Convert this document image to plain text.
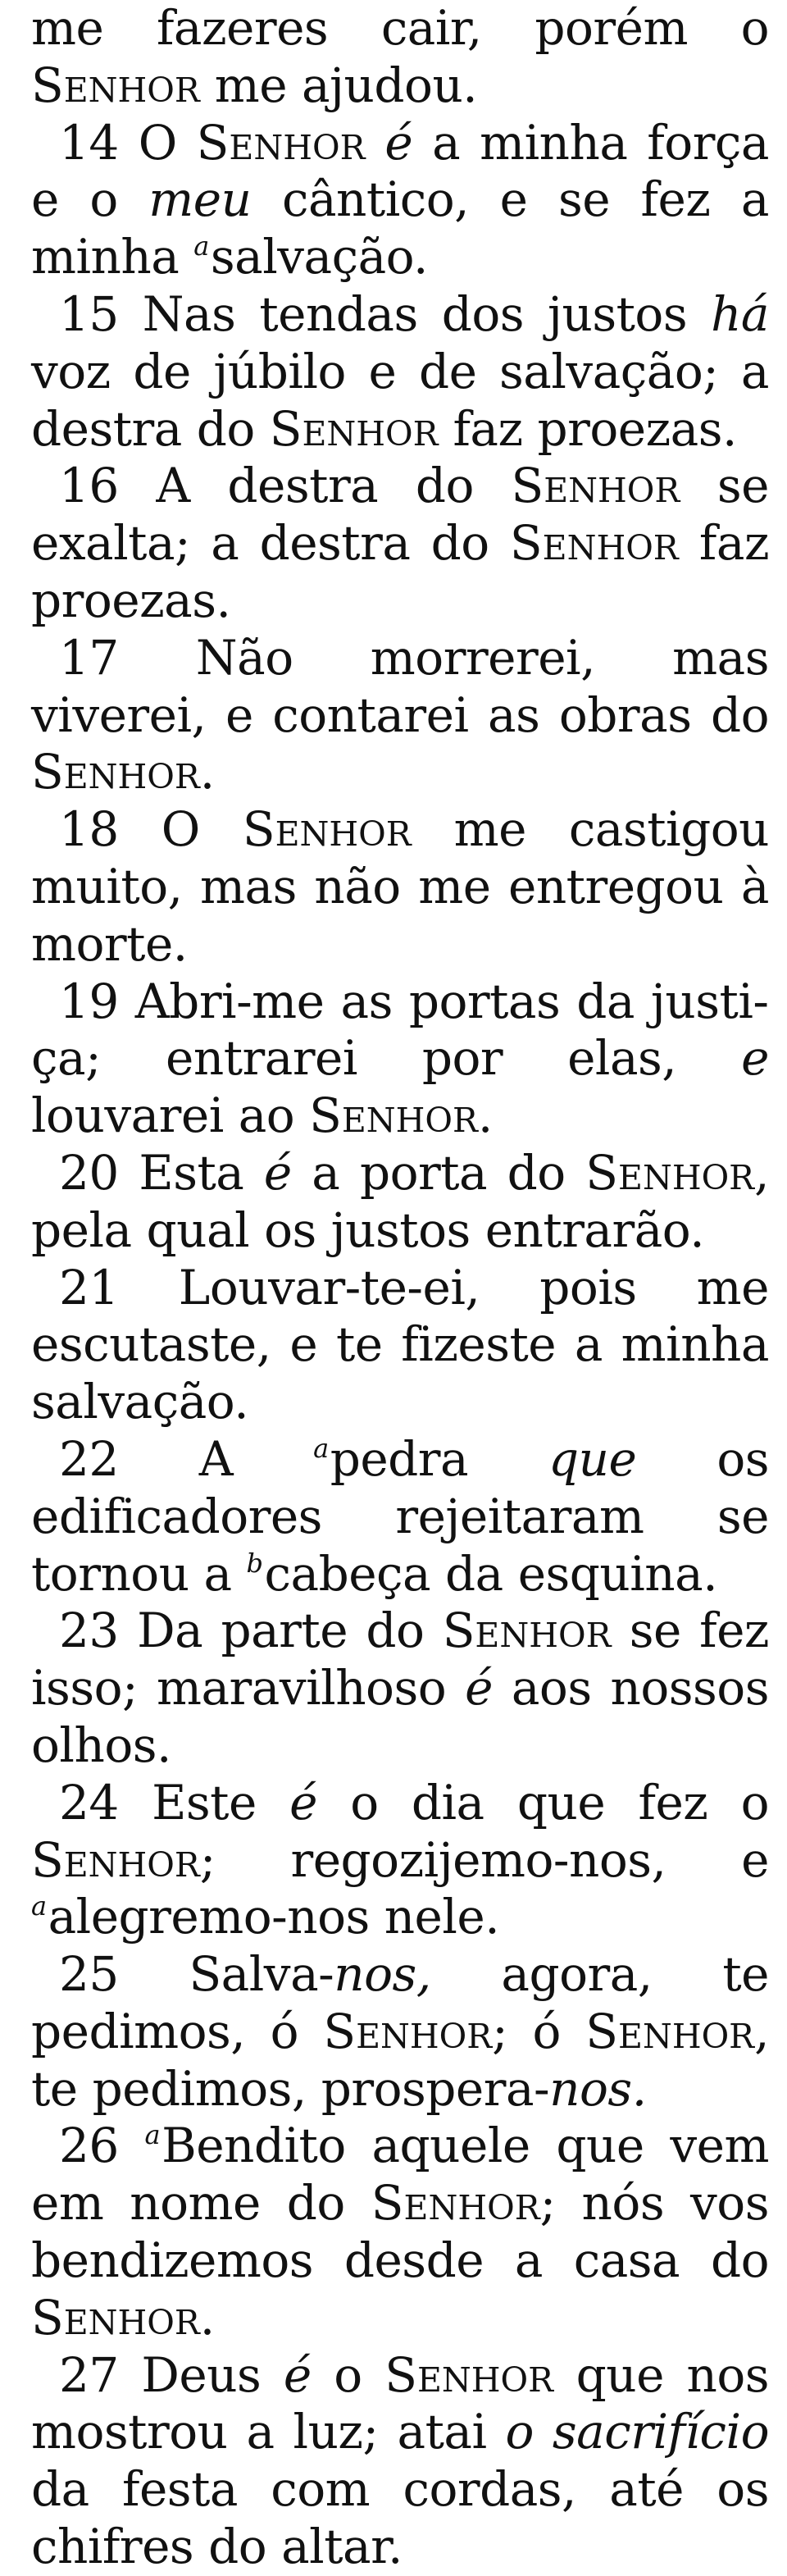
me fazeres cair, porém o Senhor me ajudou.

14 O Senhor é a minha força e o meu cântico, e se fez a minha $^a$salvação.

15 Nas tendas dos justos há voz de júbilo e de salvação; a destra do Senhor faz proezas.

16 A destra do Senhor se exalta; a destra do Senhor faz proezas.

17 Não morrerei, mas viverei, e contarei as obras do Senhor.

18 O Senhor me castigou muito, mas não me entregou à morte.

19 Abri-me as portas da justiça; entrarei por elas, e louvarei ao Senhor.

20 Esta é a porta do Senhor, pela qual os justos entrarão.

21 Louvar-te-ei, pois me escutaste, e te fizeste a minha salvação.

22 A $^a$pedra que os edificadores rejeitaram se tornou a $^b$cabeça da esquina.

23 Da parte do Senhor se fez isso; maravilhoso é aos nossos olhos.

24 Este é o dia que fez o Senhor; regozijemo-nos, e $^a$alegremo-nos nele.

25 Salva-nos, agora, te pedimos, ó Senhor; ó Senhor, te pedimos, prospera-nos.

26 $^a$Bendito aquele que vem em nome do Senhor; nós vos bendizemos desde a casa do Senhor.

27 Deus é o Senhor que nos mostrou a luz; atai o sacrifício da festa com cordas, até os chifres do altar.
